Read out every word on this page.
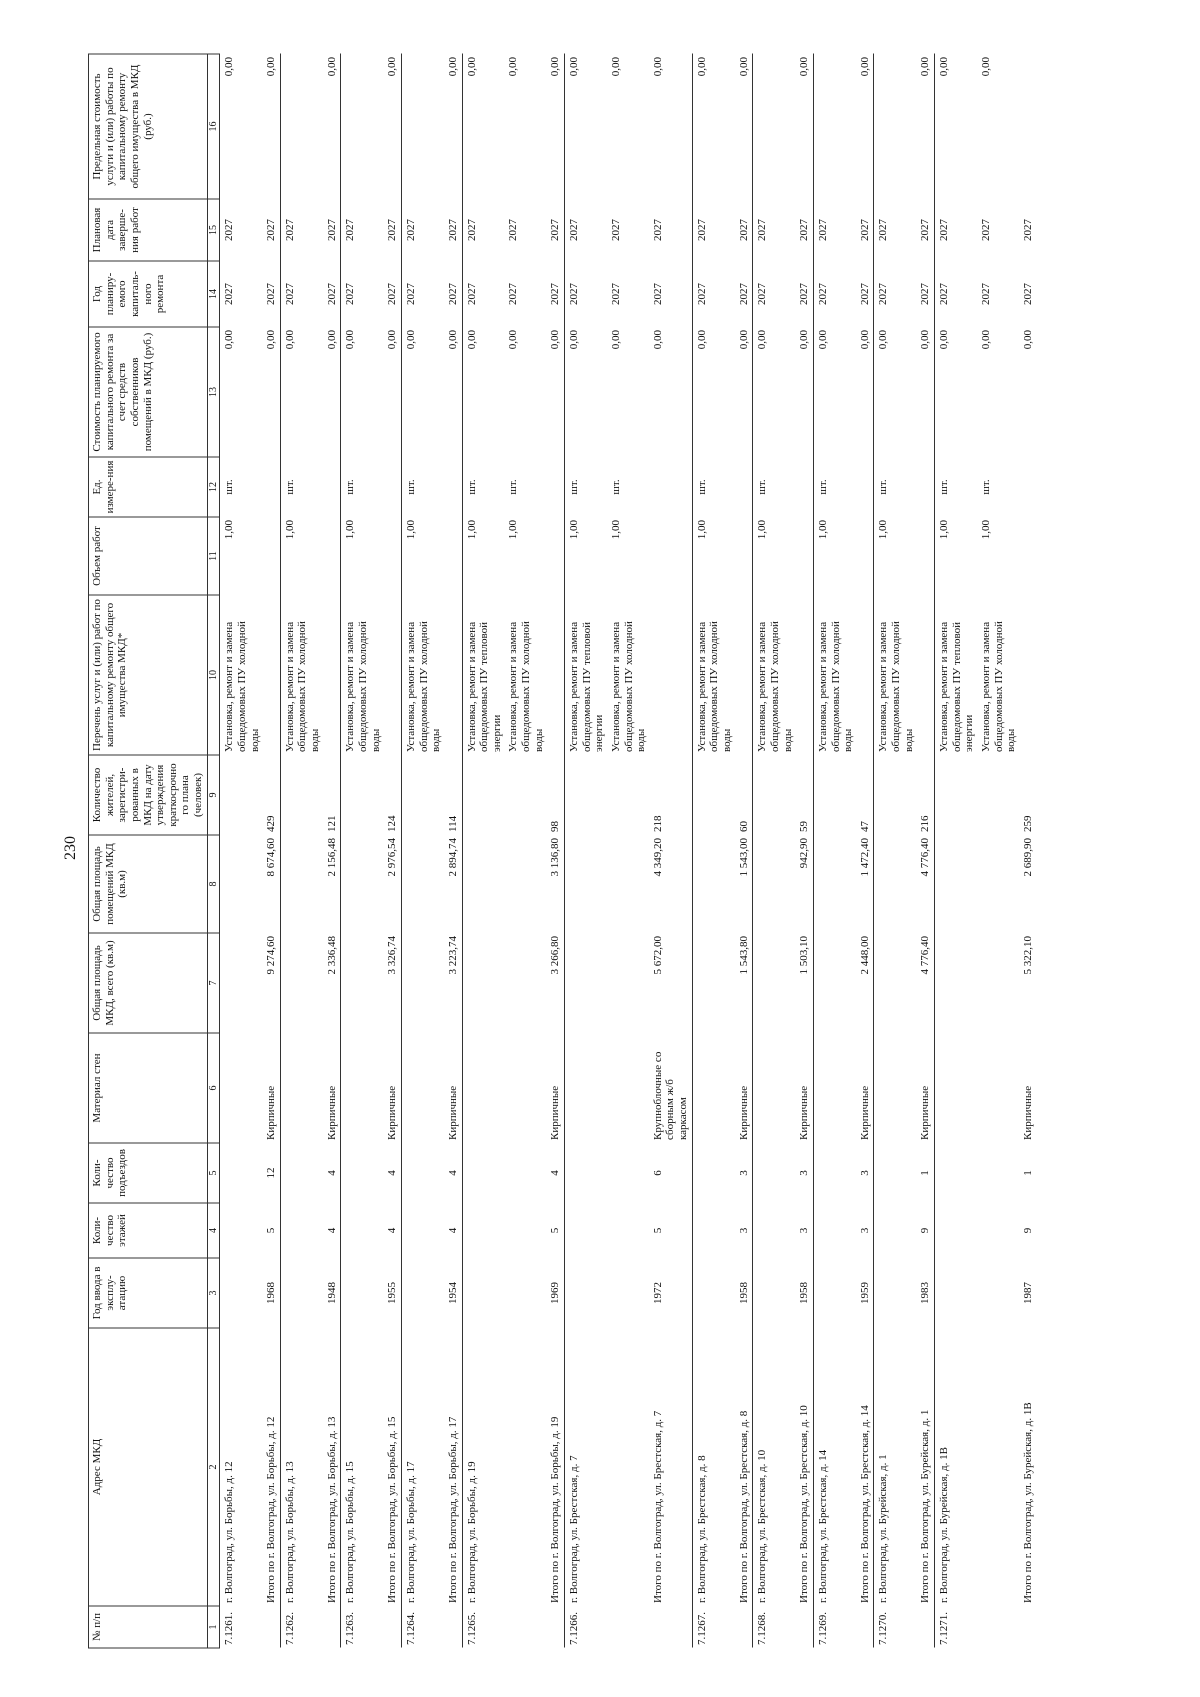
230
№ п/п	Адрес МКД	Год ввода в эксплу-атацию	Коли-чество этажей	Коли-чество подъездов	Материал стен	Общая площадь МКД, всего (кв.м)	Общая площадь помещений МКД (кв.м)	Количество жителей, зарегистри-рованных в МКД на дату утверждения краткосрочно го плана (человек)	Перечень услуг и (или) работ по капитальному ремонту общего имущества МКД*	Объем работ	Ед. измере-ния	Стоимость планируемого капитального ремонта за счет средств собственников помещений в МКД (руб.)	Год планиру-емого капиталь-ного ремонта	Плановая дата заверше-ния работ	Предельная стоимость услуги и (или) работы по капитальному ремонту общего имущества в МКД (руб.)
1	2	3	4	5	6	7	8	9	10	11	12	13	14	15	16
7.1261.	г. Волгоград, ул. Борьбы, д. 12								Установка, ремонт и замена общедомовых ПУ холодной воды	1,00	шт.	0,00	2027	2027	0,00
	Итого по г. Волгоград, ул. Борьбы, д. 12	1968	5	12	Кирпичные	9 274,60	8 674,60	429				0,00	2027	2027	0,00
7.1262.	г. Волгоград, ул. Борьбы, д. 13								Установка, ремонт и замена общедомовых ПУ холодной воды	1,00	шт.	0,00	2027	2027	
	Итого по г. Волгоград, ул. Борьбы, д. 13	1948	4	4	Кирпичные	2 336,48	2 156,48	121				0,00	2027	2027	0,00
7.1263.	г. Волгоград, ул. Борьбы, д. 15								Установка, ремонт и замена общедомовых ПУ холодной воды	1,00	шт.	0,00	2027	2027	
	Итого по г. Волгоград, ул. Борьбы, д. 15	1955	4	4	Кирпичные	3 326,74	2 976,54	124				0,00	2027	2027	0,00
7.1264.	г. Волгоград, ул. Борьбы, д. 17								Установка, ремонт и замена общедомовых ПУ холодной воды	1,00	шт.	0,00	2027	2027	
	Итого по г. Волгоград, ул. Борьбы, д. 17	1954	4	4	Кирпичные	3 223,74	2 894,74	114				0,00	2027	2027	0,00
7.1265.	г. Волгоград, ул. Борьбы, д. 19								Установка, ремонт и замена общедомовых ПУ тепловой энергии	1,00	шт.	0,00	2027	2027	0,00
									Установка, ремонт и замена общедомовых ПУ холодной воды	1,00	шт.	0,00	2027	2027	0,00
	Итого по г. Волгоград, ул. Борьбы, д. 19	1969	5	4	Кирпичные	3 266,80	3 136,80	98				0,00	2027	2027	0,00
7.1266.	г. Волгоград, ул. Брестская, д. 7								Установка, ремонт и замена общедомовых ПУ тепловой энергии	1,00	шт.	0,00	2027	2027	0,00
									Установка, ремонт и замена общедомовых ПУ холодной воды	1,00	шт.	0,00	2027	2027	0,00
	Итого по г. Волгоград, ул. Брестская, д. 7	1972	5	6	Крупноблочные со сборным ж/б каркасом	5 672,00	4 349,20	218				0,00	2027	2027	0,00
7.1267.	г. Волгоград, ул. Брестская, д. 8								Установка, ремонт и замена общедомовых ПУ холодной воды	1,00	шт.	0,00	2027	2027	0,00
	Итого по г. Волгоград, ул. Брестская, д. 8	1958	3	3	Кирпичные	1 543,80	1 543,00	60				0,00	2027	2027	0,00
7.1268.	г. Волгоград, ул. Брестская, д. 10								Установка, ремонт и замена общедомовых ПУ холодной воды	1,00	шт.	0,00	2027	2027	
	Итого по г. Волгоград, ул. Брестская, д. 10	1958	3	3	Кирпичные	1 503,10	942,90	59				0,00	2027	2027	0,00
7.1269.	г. Волгоград, ул. Брестская, д. 14								Установка, ремонт и замена общедомовых ПУ холодной воды	1,00	шт.	0,00	2027	2027	
	Итого по г. Волгоград, ул. Брестская, д. 14	1959	3	3	Кирпичные	2 448,00	1 472,40	47				0,00	2027	2027	0,00
7.1270.	г. Волгоград, ул. Бурейская, д. 1								Установка, ремонт и замена общедомовых ПУ холодной воды	1,00	шт.	0,00	2027	2027	
	Итого по г. Волгоград, ул. Бурейская, д. 1	1983	9	1	Кирпичные	4 776,40	4 776,40	216				0,00	2027	2027	0,00
7.1271.	г. Волгоград, ул. Бурейская, д. 1В								Установка, ремонт и замена общедомовых ПУ тепловой энергии	1,00	шт.	0,00	2027	2027	0,00
									Установка, ремонт и замена общедомовых ПУ холодной воды	1,00	шт.	0,00	2027	2027	0,00
	Итого по г. Волгоград, ул. Бурейская, д. 1В	1987	9	1	Кирпичные	5 322,10	2 689,90	259				0,00	2027	2027	
